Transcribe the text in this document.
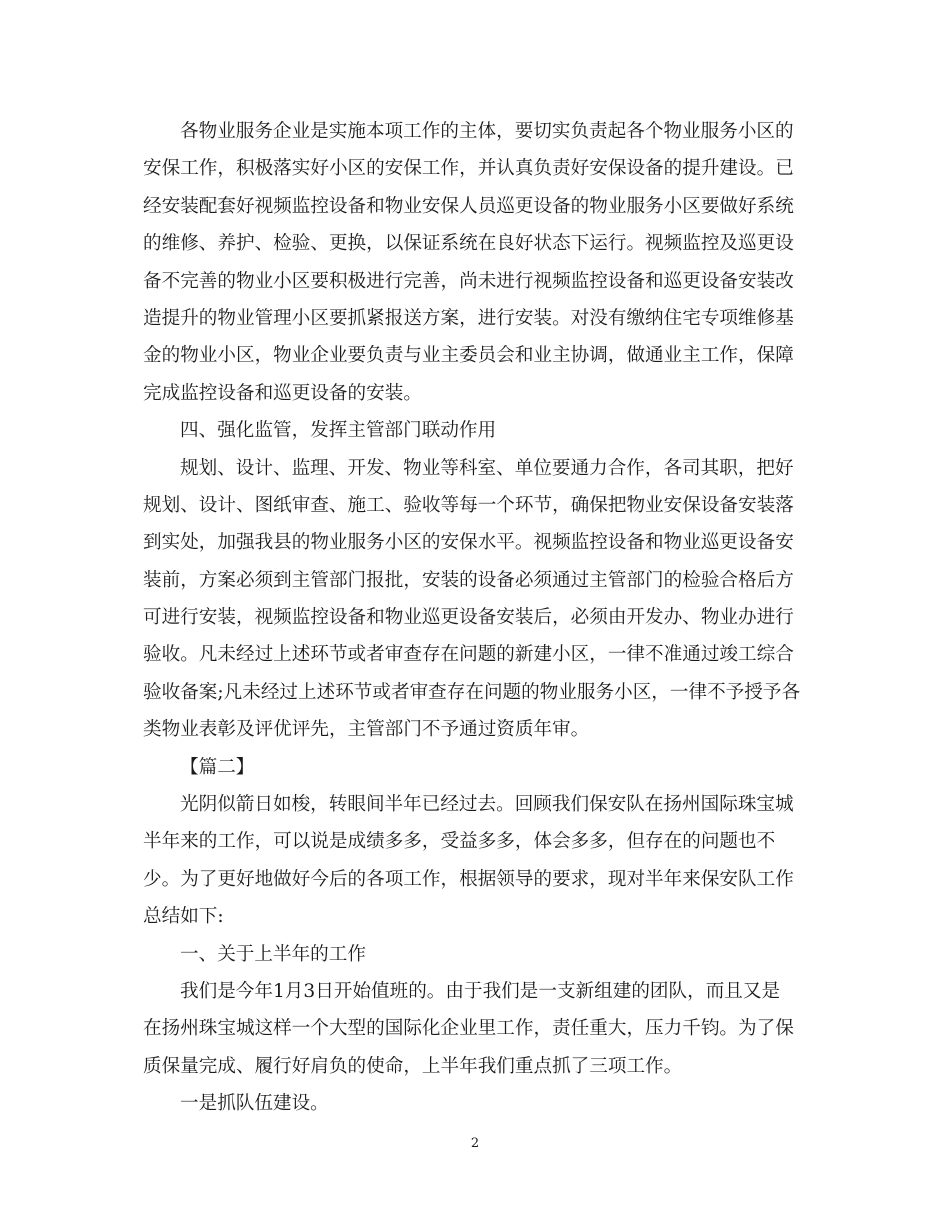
各物业服务企业是实施本项工作的主体，要切实负责起各个物业服务小区的
安保工作，积极落实好小区的安保工作，并认真负责好安保设备的提升建设。已
经安装配套好视频监控设备和物业安保人员巡更设备的物业服务小区要做好系统
的维修、养护、检验、更换，以保证系统在良好状态下运行。视频监控及巡更设
备不完善的物业小区要积极进行完善，尚未进行视频监控设备和巡更设备安装改
造提升的物业管理小区要抓紧报送方案，进行安装。对没有缴纳住宅专项维修基
金的物业小区，物业企业要负责与业主委员会和业主协调，做通业主工作，保障
完成监控设备和巡更设备的安装。
四、强化监管，发挥主管部门联动作用
规划、设计、监理、开发、物业等科室、单位要通力合作，各司其职，把好
规划、设计、图纸审查、施工、验收等每一个环节，确保把物业安保设备安装落
到实处，加强我县的物业服务小区的安保水平。视频监控设备和物业巡更设备安
装前，方案必须到主管部门报批，安装的设备必须通过主管部门的检验合格后方
可进行安装，视频监控设备和物业巡更设备安装后，必须由开发办、物业办进行
验收。凡未经过上述环节或者审查存在问题的新建小区，一律不准通过竣工综合
验收备案;凡未经过上述环节或者审查存在问题的物业服务小区，一律不予授予各
类物业表彰及评优评先，主管部门不予通过资质年审。
【篇二】
光阴似箭日如梭，转眼间半年已经过去。回顾我们保安队在扬州国际珠宝城
半年来的工作，可以说是成绩多多，受益多多，体会多多，但存在的问题也不
少。为了更好地做好今后的各项工作，根据领导的要求，现对半年来保安队工作
总结如下:
一、关于上半年的工作
我们是今年1月3日开始值班的。由于我们是一支新组建的团队，而且又是
在扬州珠宝城这样一个大型的国际化企业里工作，责任重大，压力千钧。为了保
质保量完成、履行好肩负的使命，上半年我们重点抓了三项工作。
一是抓队伍建设。
2
